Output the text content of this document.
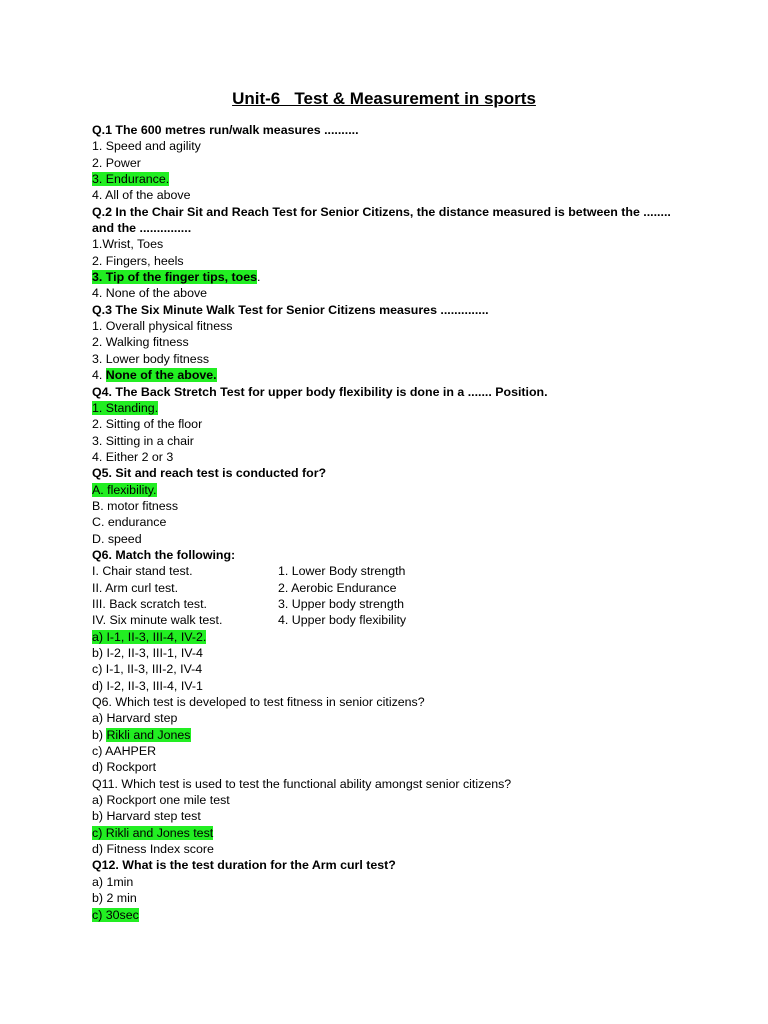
Unit-6   Test & Measurement in sports
Q.1 The 600 metres run/walk measures ..........
1. Speed and agility
2. Power
3. Endurance.
4. All of the above
Q.2 In the Chair Sit and Reach Test for Senior Citizens, the distance measured is between the ........
and the ...............
1.Wrist, Toes
2. Fingers, heels
3. Tip of the finger tips, toes.
4. None of the above
Q.3 The Six Minute Walk Test for Senior Citizens measures ..............
1. Overall physical fitness
2. Walking fitness
3. Lower body fitness
4. None of the above.
Q4. The Back Stretch Test for upper body flexibility is done in a ....... Position.
1. Standing.
2. Sitting of the floor
3. Sitting in a chair
4. Either 2 or 3
Q5. Sit and reach test is conducted for?
A. flexibility.
B. motor fitness
C. endurance
D. speed
Q6. Match the following:
I. Chair stand test.	1. Lower Body strength
II. Arm curl test.	2. Aerobic Endurance
III. Back scratch test.	3. Upper body strength
IV. Six minute walk test.	4. Upper body flexibility
a) I-1, II-3, III-4, IV-2.
b) I-2, II-3, III-1, IV-4
c) I-1, II-3, III-2, IV-4
d) I-2, II-3, III-4, IV-1
Q6. Which test is developed to test fitness in senior citizens?
a) Harvard step
b) Rikli and Jones
c) AAHPER
d) Rockport
Q11. Which test is used to test the functional ability amongst senior citizens?
a) Rockport one mile test
b) Harvard step test
c) Rikli and Jones test
d) Fitness Index score
Q12. What is the test duration for the Arm curl test?
a) 1min
b) 2 min
c) 30sec
